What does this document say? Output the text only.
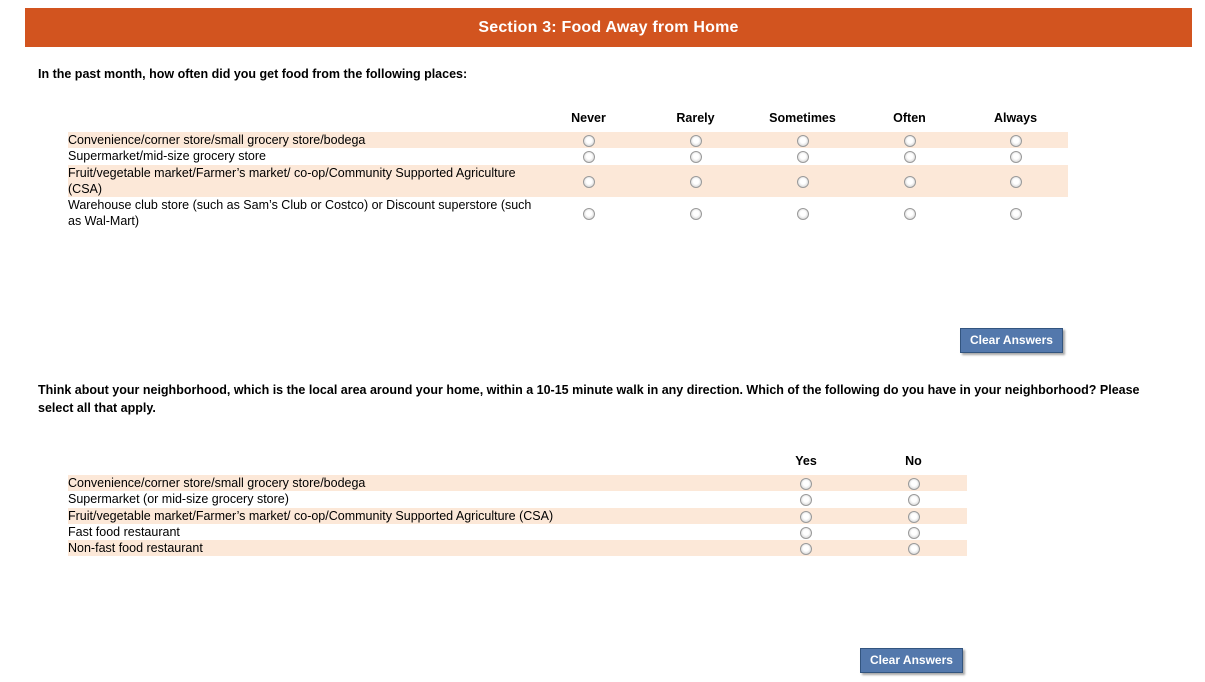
Section 3: Food Away from Home
In the past month, how often did you get food from the following places:
	Never	Rarely	Sometimes	Often	Always
Convenience/corner store/small grocery store/bodega					
Supermarket/mid-size grocery store					
Fruit/vegetable market/Farmer’s market/ co-op/Community Supported Agriculture (CSA)					
Warehouse club store (such as Sam’s Club or Costco) or Discount superstore (such as Wal-Mart)					
Clear Answers
Think about your neighborhood, which is the local area around your home, within a 10-15 minute walk in any direction. Which of the following do you have in your neighborhood? Please select all that apply.
	Yes	No
Convenience/corner store/small grocery store/bodega		
Supermarket (or mid-size grocery store)		
Fruit/vegetable market/Farmer’s market/ co-op/Community Supported Agriculture (CSA)		
Fast food restaurant		
Non-fast food restaurant		
Clear Answers
